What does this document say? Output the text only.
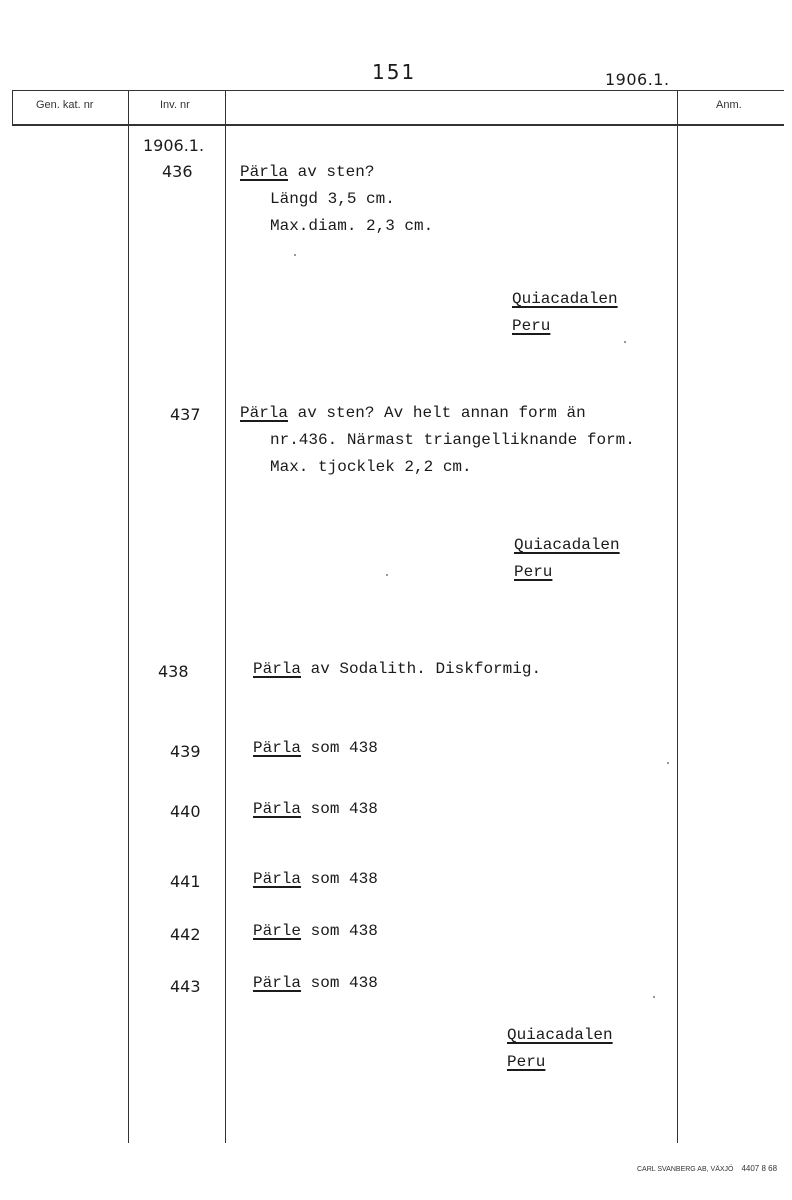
151	1906.1.
Gen. kat. nr	Inv. nr	Anm.
1906.1.
436	Pärla av sten?
Längd 3,5 cm.
Max.diam. 2,3 cm.
Quiacadalen
Peru
437 Pärla av sten? Av helt annan form än
nr.436. Närmast triangelliknande form.
Max. tjocklek 2,2 cm.
Quiacadalen
Peru
438	Pärla av Sodalith. Diskformig.
439	Pärla som 438
440	Pärla som 438
441	Pärla som 438
442	Pärle som 438
443	Pärla som 438
Quiacadalen
Peru
CARL SVANBERG AB, VÄXJÖ 4407 8 68
